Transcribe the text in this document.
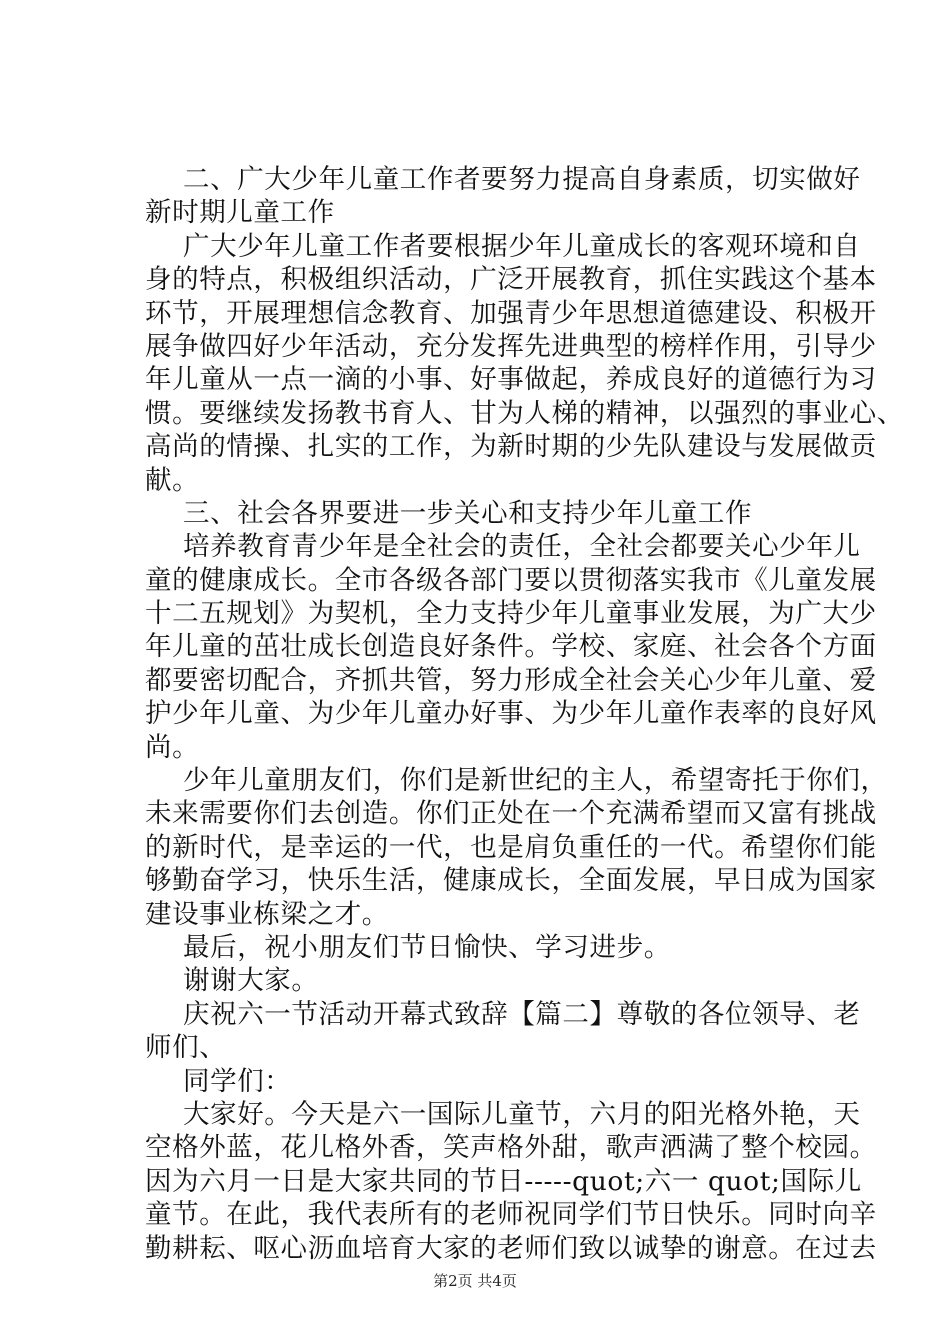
二、广大少年儿童工作者要努力提高自身素质，切实做好
新时期儿童工作
广大少年儿童工作者要根据少年儿童成长的客观环境和自
身的特点，积极组织活动，广泛开展教育，抓住实践这个基本
环节，开展理想信念教育、加强青少年思想道德建设、积极开
展争做四好少年活动，充分发挥先进典型的榜样作用，引导少
年儿童从一点一滴的小事、好事做起，养成良好的道德行为习
惯。要继续发扬教书育人、甘为人梯的精神，以强烈的事业心、
高尚的情操、扎实的工作，为新时期的少先队建设与发展做贡
献。
三、社会各界要进一步关心和支持少年儿童工作
培养教育青少年是全社会的责任，全社会都要关心少年儿
童的健康成长。全市各级各部门要以贯彻落实我市《儿童发展
十二五规划》为契机，全力支持少年儿童事业发展，为广大少
年儿童的茁壮成长创造良好条件。学校、家庭、社会各个方面
都要密切配合，齐抓共管，努力形成全社会关心少年儿童、爱
护少年儿童、为少年儿童办好事、为少年儿童作表率的良好风
尚。
少年儿童朋友们，你们是新世纪的主人，希望寄托于你们，
未来需要你们去创造。你们正处在一个充满希望而又富有挑战
的新时代，是幸运的一代，也是肩负重任的一代。希望你们能
够勤奋学习，快乐生活，健康成长，全面发展，早日成为国家
建设事业栋梁之才。
最后，祝小朋友们节日愉快、学习进步。
谢谢大家。
庆祝六一节活动开幕式致辞【篇二】尊敬的各位领导、老
师们、
同学们：
大家好。今天是六一国际儿童节，六月的阳光格外艳，天
空格外蓝，花儿格外香，笑声格外甜，歌声洒满了整个校园。
因为六月一日是大家共同的节日-----quot;六一 quot;国际儿
童节。在此，我代表所有的老师祝同学们节日快乐。同时向辛
勤耕耘、呕心沥血培育大家的老师们致以诚挚的谢意。在过去
第2页 共4页
